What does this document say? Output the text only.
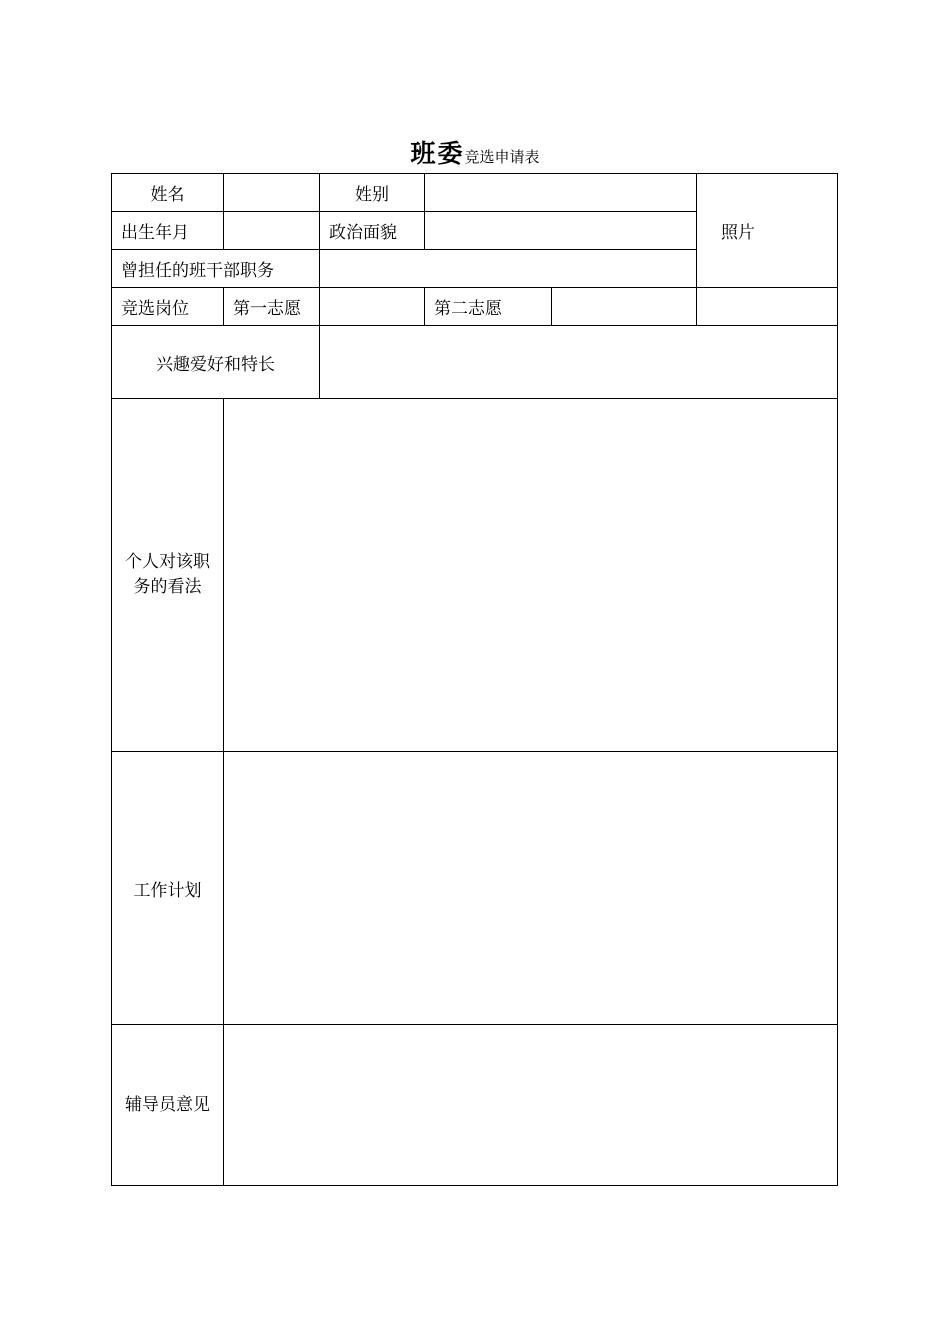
班委竞选申请表
姓名		姓别			照片
出生年月		政治面貌			
曾担任的班干部职务					
竞选岗位	第一志愿		第二志愿		
兴趣爱好和特长					
个人对该职务的看法					
工作计划					
辅导员意见					
